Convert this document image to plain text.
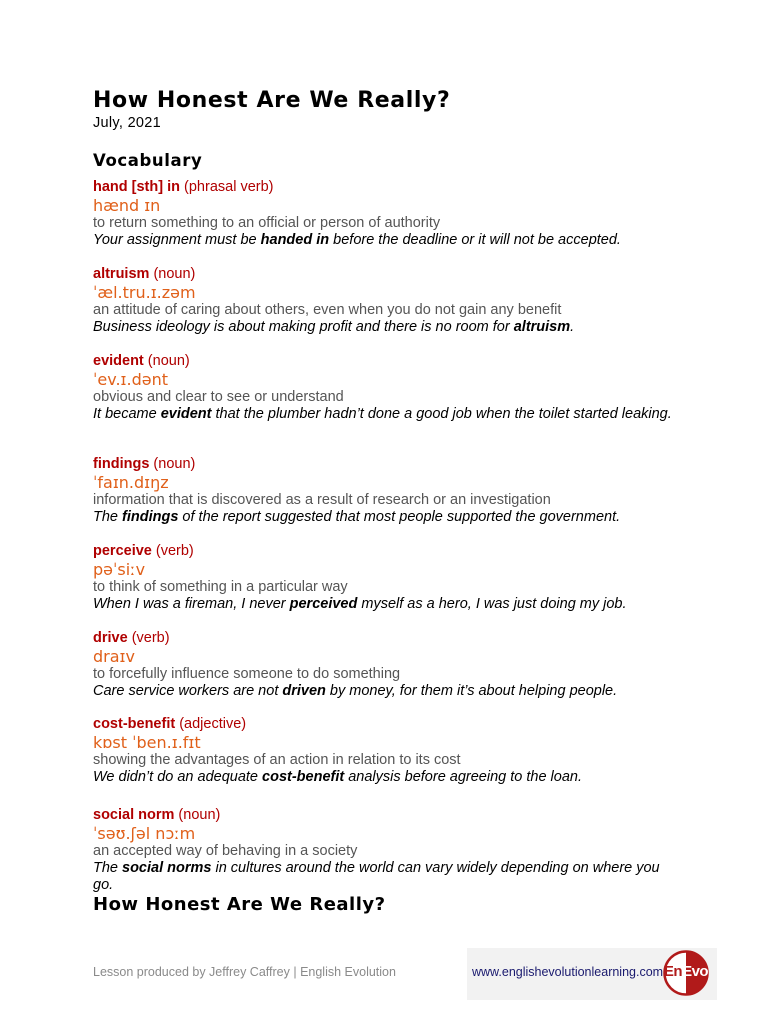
How Honest Are We Really?
July, 2021
Vocabulary
hand [sth] in (phrasal verb)
hænd ɪn
to return something to an official or person of authority
Your assignment must be handed in before the deadline or it will not be accepted.
altruism (noun)
ˈæl.tru.ɪ.zəm
an attitude of caring about others, even when you do not gain any benefit
Business ideology is about making profit and there is no room for altruism.
evident (noun)
ˈev.ɪ.dənt
obvious and clear to see or understand
It became evident that the plumber hadn’t done a good job when the toilet started leaking.
findings (noun)
ˈfaɪn.dɪŋz
information that is discovered as a result of research or an investigation
The findings of the report suggested that most people supported the government.
perceive (verb)
pəˈsiːv
to think of something in a particular way
When I was a fireman, I never perceived myself as a hero, I was just doing my job.
drive (verb)
draɪv
to forcefully influence someone to do something
Care service workers are not driven by money, for them it’s about helping people.
cost-benefit (adjective)
kɒst ˈben.ɪ.fɪt
showing the advantages of an action in relation to its cost
We didn’t do an adequate cost-benefit analysis before agreeing to the loan.
social norm (noun)
ˈsəʊ.ʃəl nɔːm
an accepted way of behaving in a society
The social norms in cultures around the world can vary widely depending on where you go.
How Honest Are We Really?
Lesson produced by Jeffrey Caffrey | English Evolution	www.englishevolutionlearning.com EnEvo
